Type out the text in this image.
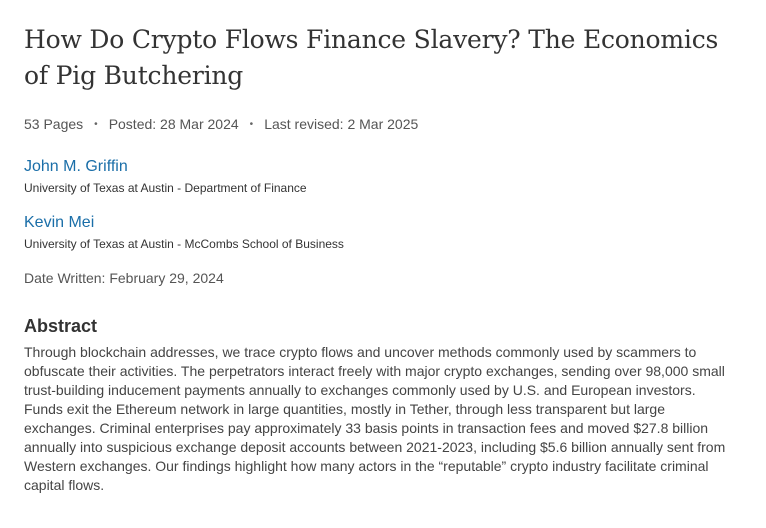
How Do Crypto Flows Finance Slavery? The Economics of Pig Butchering
53 Pages • Posted: 28 Mar 2024 • Last revised: 2 Mar 2025
John M. Griffin
University of Texas at Austin - Department of Finance
Kevin Mei
University of Texas at Austin - McCombs School of Business
Date Written: February 29, 2024
Abstract
Through blockchain addresses, we trace crypto flows and uncover methods commonly used by scammers to obfuscate their activities. The perpetrators interact freely with major crypto exchanges, sending over 98,000 small trust-building inducement payments annually to exchanges commonly used by U.S. and European investors. Funds exit the Ethereum network in large quantities, mostly in Tether, through less transparent but large exchanges. Criminal enterprises pay approximately 33 basis points in transaction fees and moved $27.8 billion annually into suspicious exchange deposit accounts between 2021-2023, including $5.6 billion annually sent from Western exchanges. Our findings highlight how many actors in the “reputable” crypto industry facilitate criminal capital flows.
